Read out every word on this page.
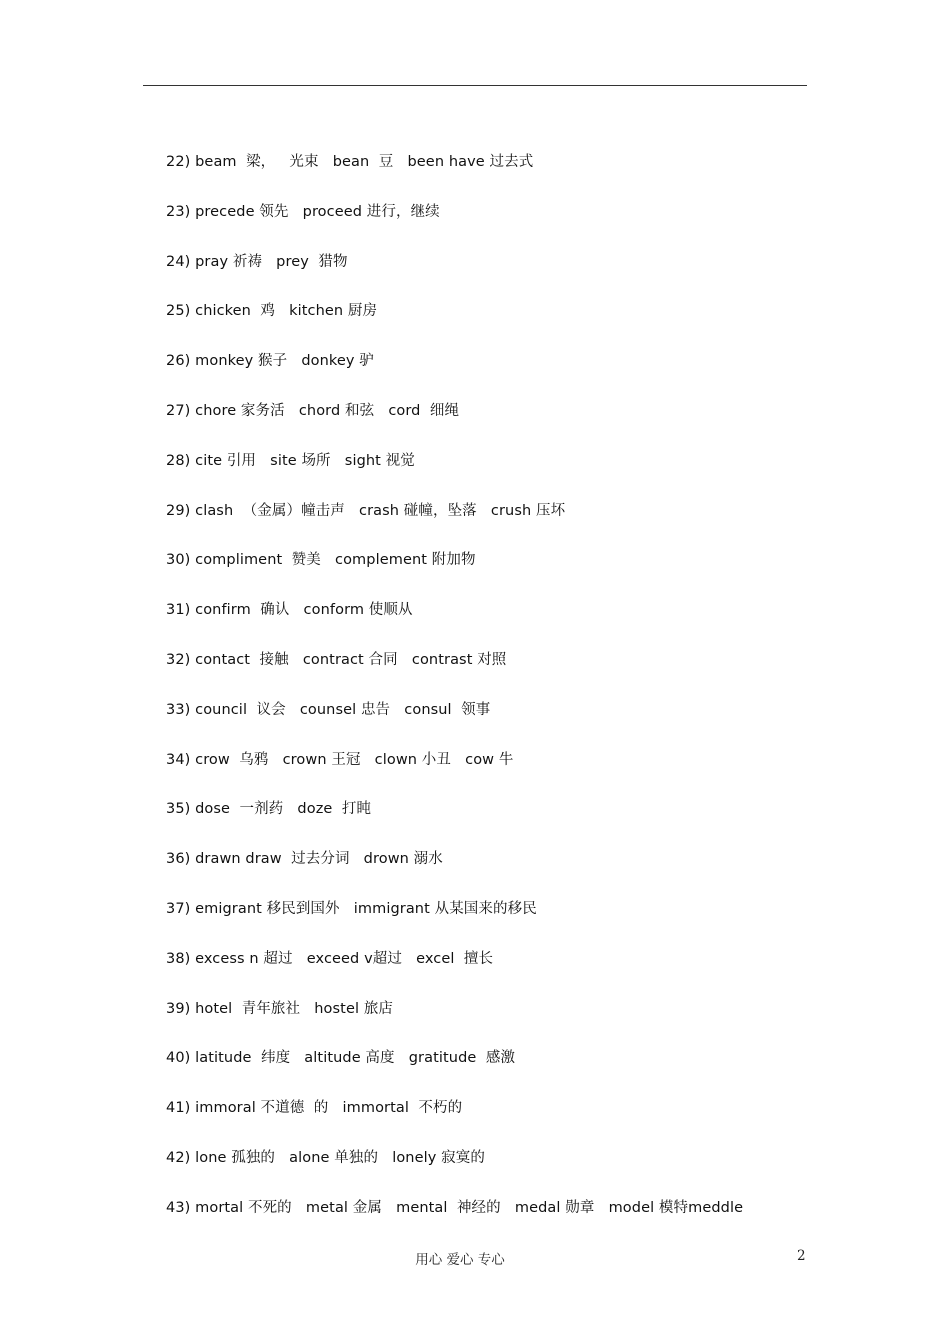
22) beam  梁，   光束   bean  豆   been have 过去式
23) precede 领先   proceed 进行，继续
24) pray 祈祷   prey  猎物
25) chicken  鸡   kitchen 厨房
26) monkey 猴子   donkey 驴
27) chore 家务活   chord 和弦   cord  细绳
28) cite 引用   site 场所   sight 视觉
29) clash  （金属）幢击声   crash 碰幢，坠落   crush 压坏
30) compliment  赞美   complement 附加物
31) confirm  确认   conform 使顺从
32) contact  接触   contract 合同   contrast 对照
33) council  议会   counsel 忠告   consul  领事
34) crow  乌鸦   crown 王冠   clown 小丑   cow 牛
35) dose  一剂药   doze  打盹
36) drawn draw  过去分词   drown 溺水
37) emigrant 移民到国外   immigrant 从某国来的移民
38) excess n 超过   exceed v超过   excel  擅长
39) hotel  青年旅社   hostel 旅店
40) latitude  纬度   altitude 高度   gratitude  感激
41) immoral 不道德  的   immortal  不朽的
42) lone 孤独的   alone 单独的   lonely 寂寞的
43) mortal 不死的   metal 金属   mental  神经的   medal 勋章   model 模特meddle
用心 爱心 专心	2
